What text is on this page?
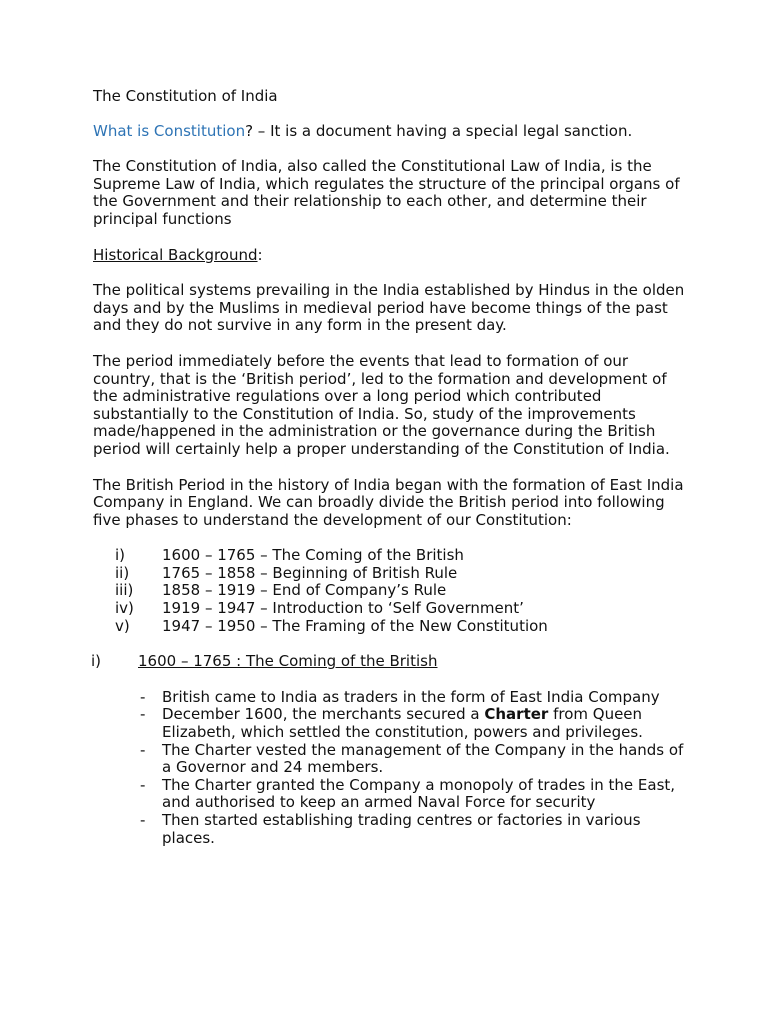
The Constitution of India

What is Constitution? – It is a document having a special legal sanction.

The Constitution of India, also called the Constitutional Law of India, is the Supreme Law of India, which regulates the structure of the principal organs of the Government and their relationship to each other, and determine their principal functions

Historical Background:

The political systems prevailing in the India established by Hindus in the olden days and by the Muslims in medieval period have become things of the past and they do not survive in any form in the present day.

The period immediately before the events that lead to formation of our country, that is the ‘British period’, led to the formation and development of the administrative regulations over a long period which contributed substantially to the Constitution of India. So, study of the improvements made/happened in the administration or the governance during the British period will certainly help a proper understanding of the Constitution of India.

The British Period in the history of India began with the formation of East India Company in England. We can broadly divide the British period into following five phases to understand the development of our Constitution:

i) 1600 – 1765 – The Coming of the British
ii) 1765 – 1858 – Beginning of British Rule
iii) 1858 – 1919 – End of Company’s Rule
iv) 1919 – 1947 – Introduction to ‘Self Government’
v) 1947 – 1950 – The Framing of the New Constitution

i) 1600 – 1765 : The Coming of the British

- British came to India as traders in the form of East India Company
- December 1600, the merchants secured a Charter from Queen Elizabeth, which settled the constitution, powers and privileges.
- The Charter vested the management of the Company in the hands of a Governor and 24 members.
- The Charter granted the Company a monopoly of trades in the East, and authorised to keep an armed Naval Force for security
- Then started establishing trading centres or factories in various places.
